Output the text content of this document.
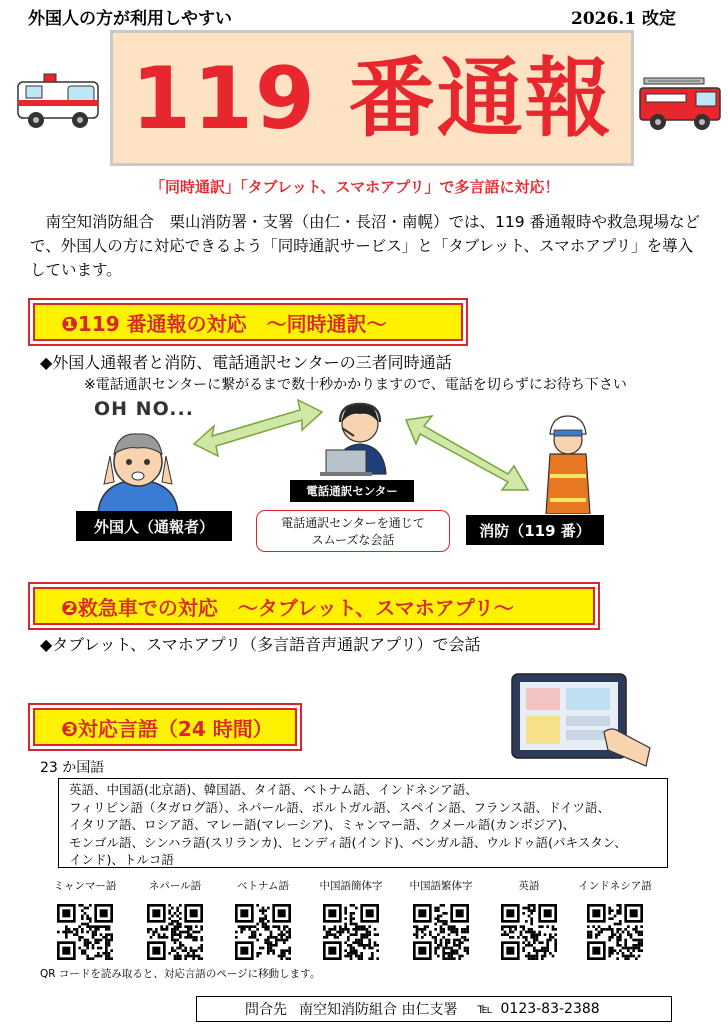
外国人の方が利用しやすい	2026.1 改定
119 番通報
「同時通訳」「タブレット、スマホアプリ」で多言語に対応！
　南空知消防組合　栗山消防署・支署（由仁・長沼・南幌）では、119 番通報時や救急現場などで、外国人の方に対応できるよう「同時通訳サービス」と「タブレット、スマホアプリ」を導入しています。
❶119 番通報の対応　～同時通訳～
◆外国人通報者と消防、電話通訳センターの三者同時通話
※電話通訳センターに繋がるまで数十秒かかりますので、電話を切らずにお待ち下さい
OH NO...
電話通訳センター
外国人（通報者）	電話通訳センターを通じて
スムーズな会話
消防（119 番）
❷救急車での対応　～タブレット、スマホアプリ～
◆タブレット、スマホアプリ（多言語音声通訳アプリ）で会話
❸対応言語（24 時間）
23 か国語
英語、中国語(北京語)、韓国語、タイ語、ベトナム語、インドネシア語、
フィリピン語（タガログ語）、ネパール語、ポルトガル語、スペイン語、フランス語、ドイツ語、
イタリア語、ロシア語、マレー語(マレーシア)、ミャンマー語、クメール語(カンボジア)、
モンゴル語、シンハラ語(スリランカ)、ヒンディ語(インド)、ベンガル語、ウルドゥ語(パキスタン、
インド)、トルコ語
ミャンマー語	ネパール語	ベトナム語	中国語簡体字	中国語繁体字	英語	インドネシア語
QR コードを読み取ると、対応言語のページに移動します。
問合先 南空知消防組合 由仁支署 ℡ 0123-83-2388
